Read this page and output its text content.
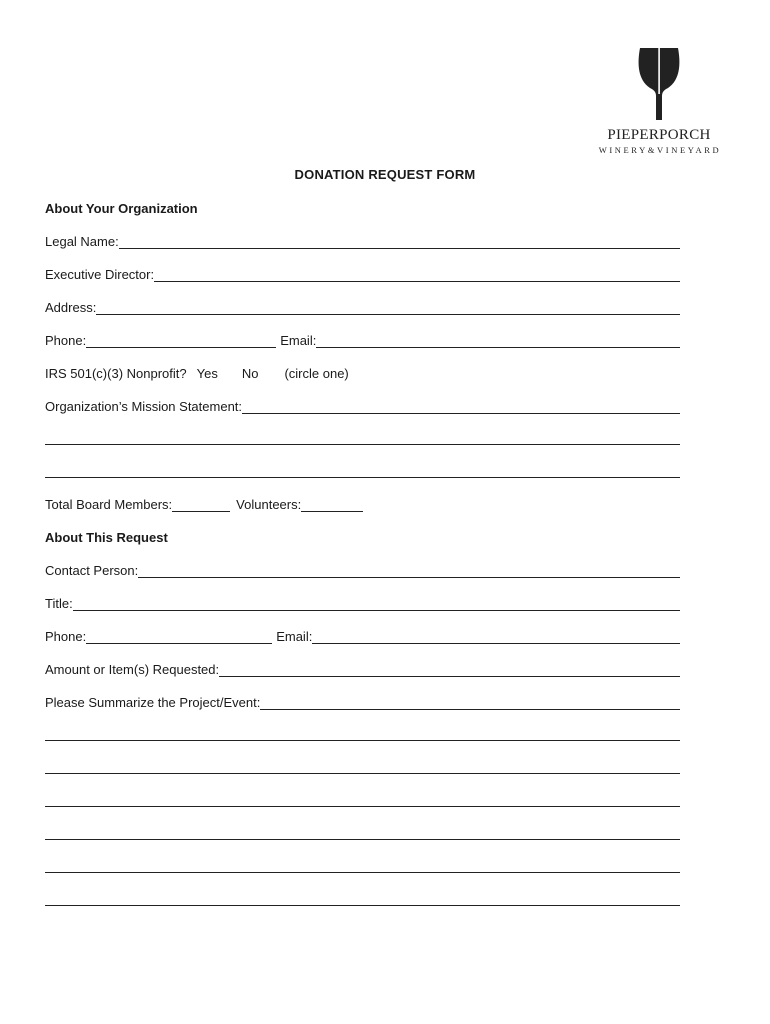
PIEPERPORCH
WINERY&VINEYARD
DONATION REQUEST FORM
About Your Organization
Legal Name:
Executive Director:
Address:
Phone:	Email:
IRS 501(c)(3) Nonprofit? Yes No (circle one)
Organization’s Mission Statement:
Total Board Members:	Volunteers:
About This Request
Contact Person:
Title:
Phone:	Email:
Amount or Item(s) Requested:
Please Summarize the Project/Event:
